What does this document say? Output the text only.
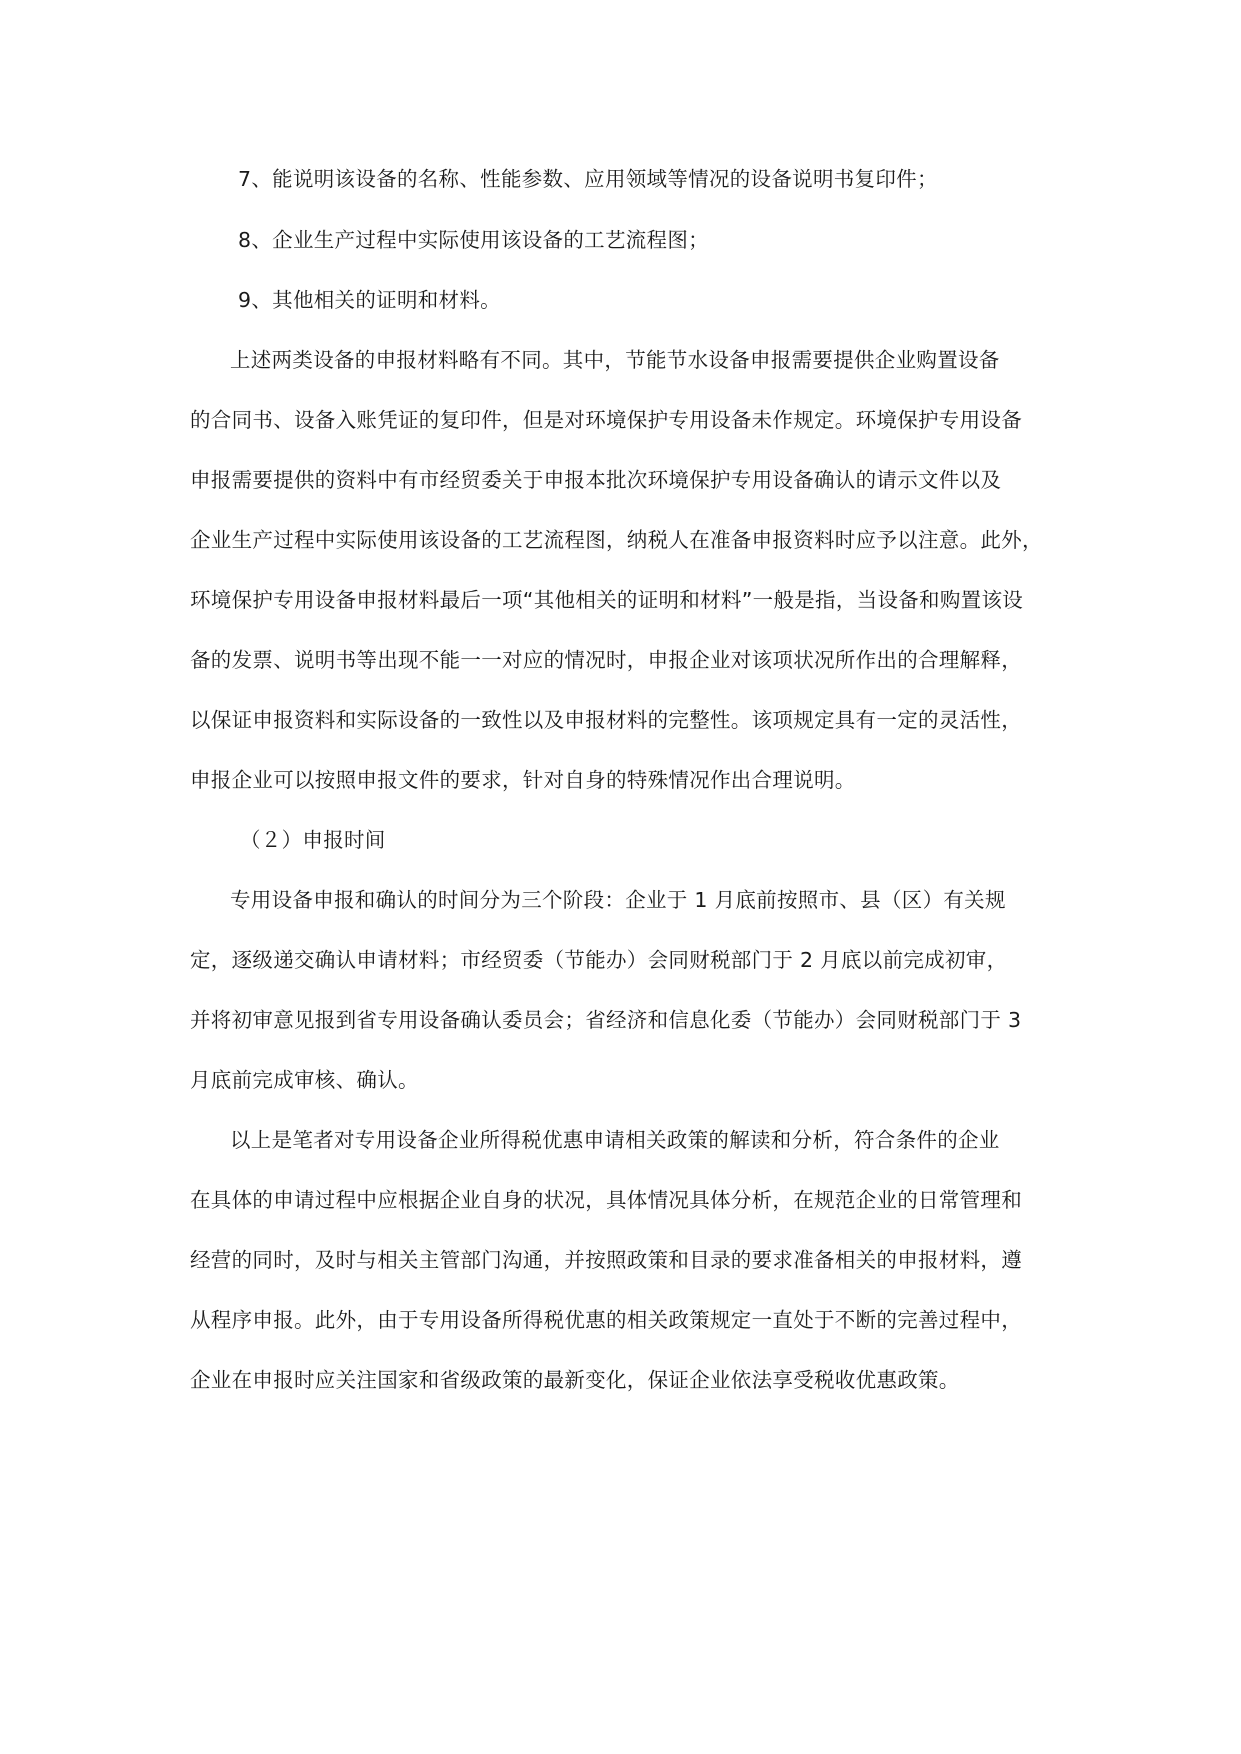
7、能说明该设备的名称、性能参数、应用领域等情况的设备说明书复印件；
8、企业生产过程中实际使用该设备的工艺流程图；
9、其他相关的证明和材料。
上述两类设备的申报材料略有不同。其中，节能节水设备申报需要提供企业购置设备
的合同书、设备入账凭证的复印件，但是对环境保护专用设备未作规定。环境保护专用设备
申报需要提供的资料中有市经贸委关于申报本批次环境保护专用设备确认的请示文件以及
企业生产过程中实际使用该设备的工艺流程图，纳税人在准备申报资料时应予以注意。此外，
环境保护专用设备申报材料最后一项“其他相关的证明和材料”一般是指，当设备和购置该设
备的发票、说明书等出现不能一一对应的情况时，申报企业对该项状况所作出的合理解释，
以保证申报资料和实际设备的一致性以及申报材料的完整性。该项规定具有一定的灵活性，
申报企业可以按照申报文件的要求，针对自身的特殊情况作出合理说明。
（２）申报时间
专用设备申报和确认的时间分为三个阶段：企业于 1 月底前按照市、县（区）有关规
定，逐级递交确认申请材料；市经贸委（节能办）会同财税部门于 2 月底以前完成初审，
并将初审意见报到省专用设备确认委员会；省经济和信息化委（节能办）会同财税部门于 3
月底前完成审核、确认。
以上是笔者对专用设备企业所得税优惠申请相关政策的解读和分析，符合条件的企业
在具体的申请过程中应根据企业自身的状况，具体情况具体分析，在规范企业的日常管理和
经营的同时，及时与相关主管部门沟通，并按照政策和目录的要求准备相关的申报材料，遵
从程序申报。此外，由于专用设备所得税优惠的相关政策规定一直处于不断的完善过程中，
企业在申报时应关注国家和省级政策的最新变化，保证企业依法享受税收优惠政策。
